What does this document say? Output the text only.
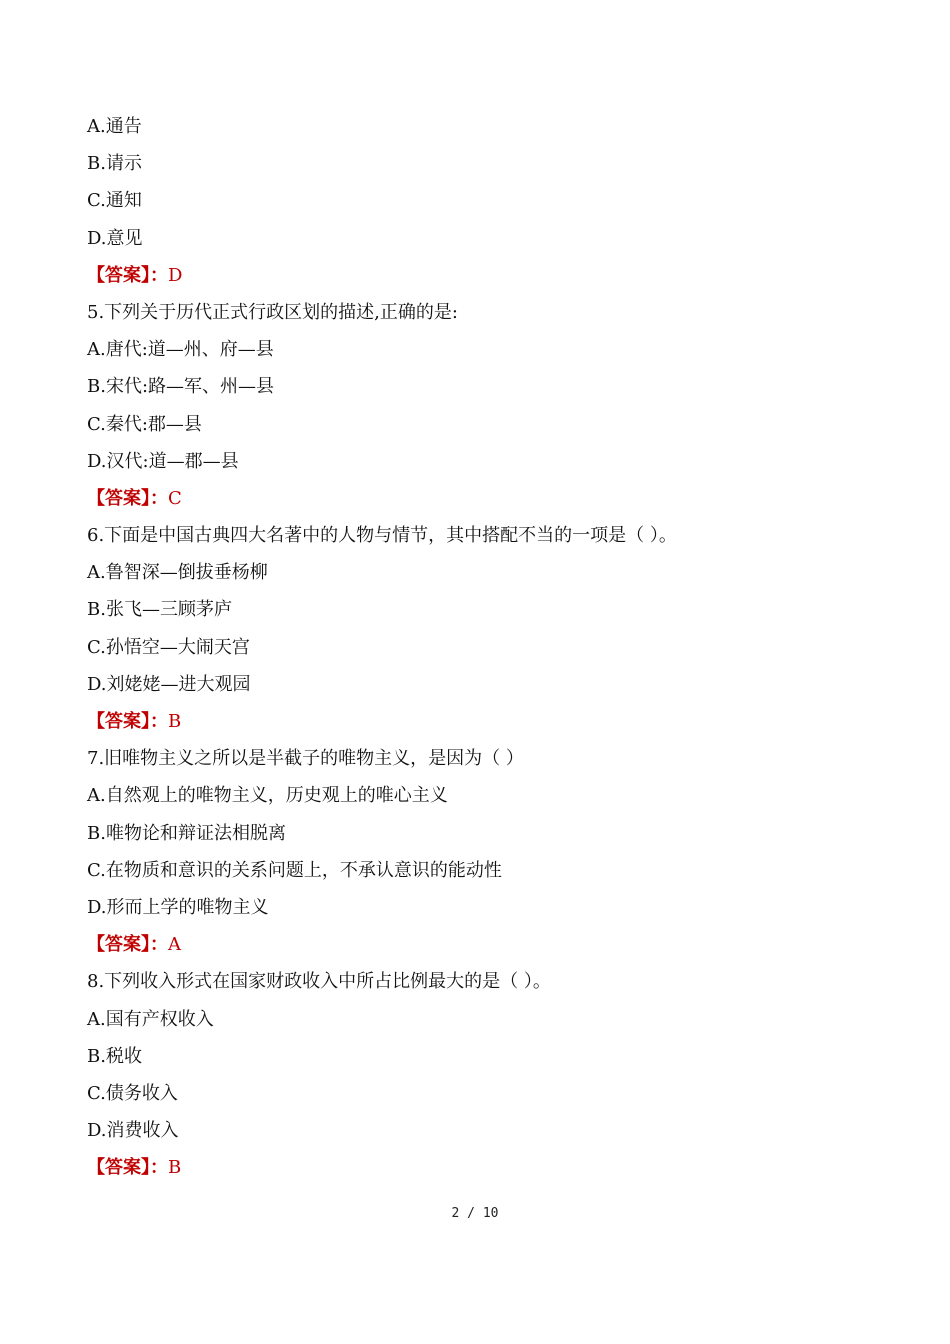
A.通告
B.请示
C.通知
D.意见
【答案】：D
5.下列关于历代正式行政区划的描述,正确的是:
A.唐代:道—州、府—县
B.宋代:路—军、州—县
C.秦代:郡—县
D.汉代:道—郡—县
【答案】：C
6.下面是中国古典四大名著中的人物与情节，其中搭配不当的一项是（ ）。
A.鲁智深—倒拔垂杨柳
B.张飞—三顾茅庐
C.孙悟空—大闹天宫
D.刘姥姥—进大观园
【答案】：B
7.旧唯物主义之所以是半截子的唯物主义，是因为（ ）
A.自然观上的唯物主义，历史观上的唯心主义
B.唯物论和辩证法相脱离
C.在物质和意识的关系问题上，不承认意识的能动性
D.形而上学的唯物主义
【答案】：A
8.下列收入形式在国家财政收入中所占比例最大的是（ ）。
A.国有产权收入
B.税收
C.债务收入
D.消费收入
【答案】：B
2 / 10
